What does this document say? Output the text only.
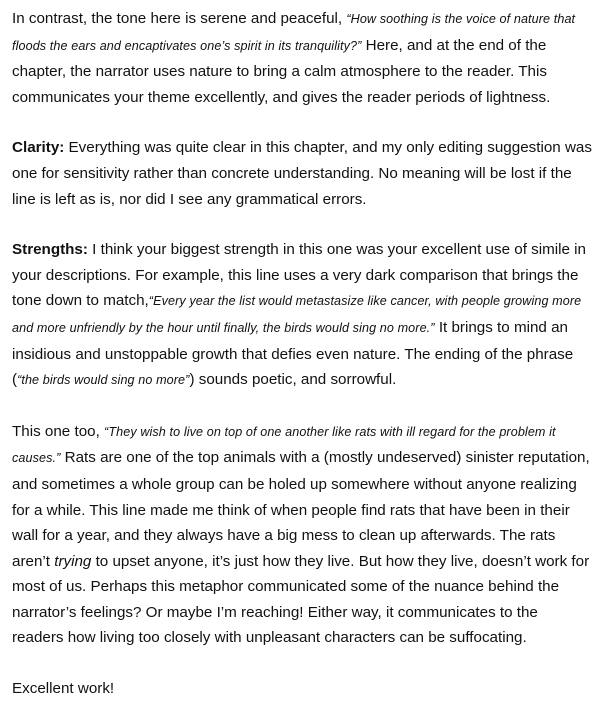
In contrast, the tone here is serene and peaceful, “How soothing is the voice of nature that floods the ears and encaptivates one’s spirit in its tranquility?” Here, and at the end of the chapter, the narrator uses nature to bring a calm atmosphere to the reader. This communicates your theme excellently, and gives the reader periods of lightness.

Clarity: Everything was quite clear in this chapter, and my only editing suggestion was one for sensitivity rather than concrete understanding. No meaning will be lost if the line is left as is, nor did I see any grammatical errors.

Strengths: I think your biggest strength in this one was your excellent use of simile in your descriptions. For example, this line uses a very dark comparison that brings the tone down to match,“Every year the list would metastasize like cancer, with people growing more and more unfriendly by the hour until finally, the birds would sing no more.” It brings to mind an insidious and unstoppable growth that defies even nature. The ending of the phrase (“the birds would sing no more”) sounds poetic, and sorrowful.

This one too, “They wish to live on top of one another like rats with ill regard for the problem it causes.” Rats are one of the top animals with a (mostly undeserved) sinister reputation, and sometimes a whole group can be holed up somewhere without anyone realizing for a while. This line made me think of when people find rats that have been in their wall for a year, and they always have a big mess to clean up afterwards. The rats aren’t trying to upset anyone, it’s just how they live. But how they live, doesn’t work for most of us. Perhaps this metaphor communicated some of the nuance behind the narrator’s feelings? Or maybe I’m reaching! Either way, it communicates to the readers how living too closely with unpleasant characters can be suffocating.

Excellent work!
